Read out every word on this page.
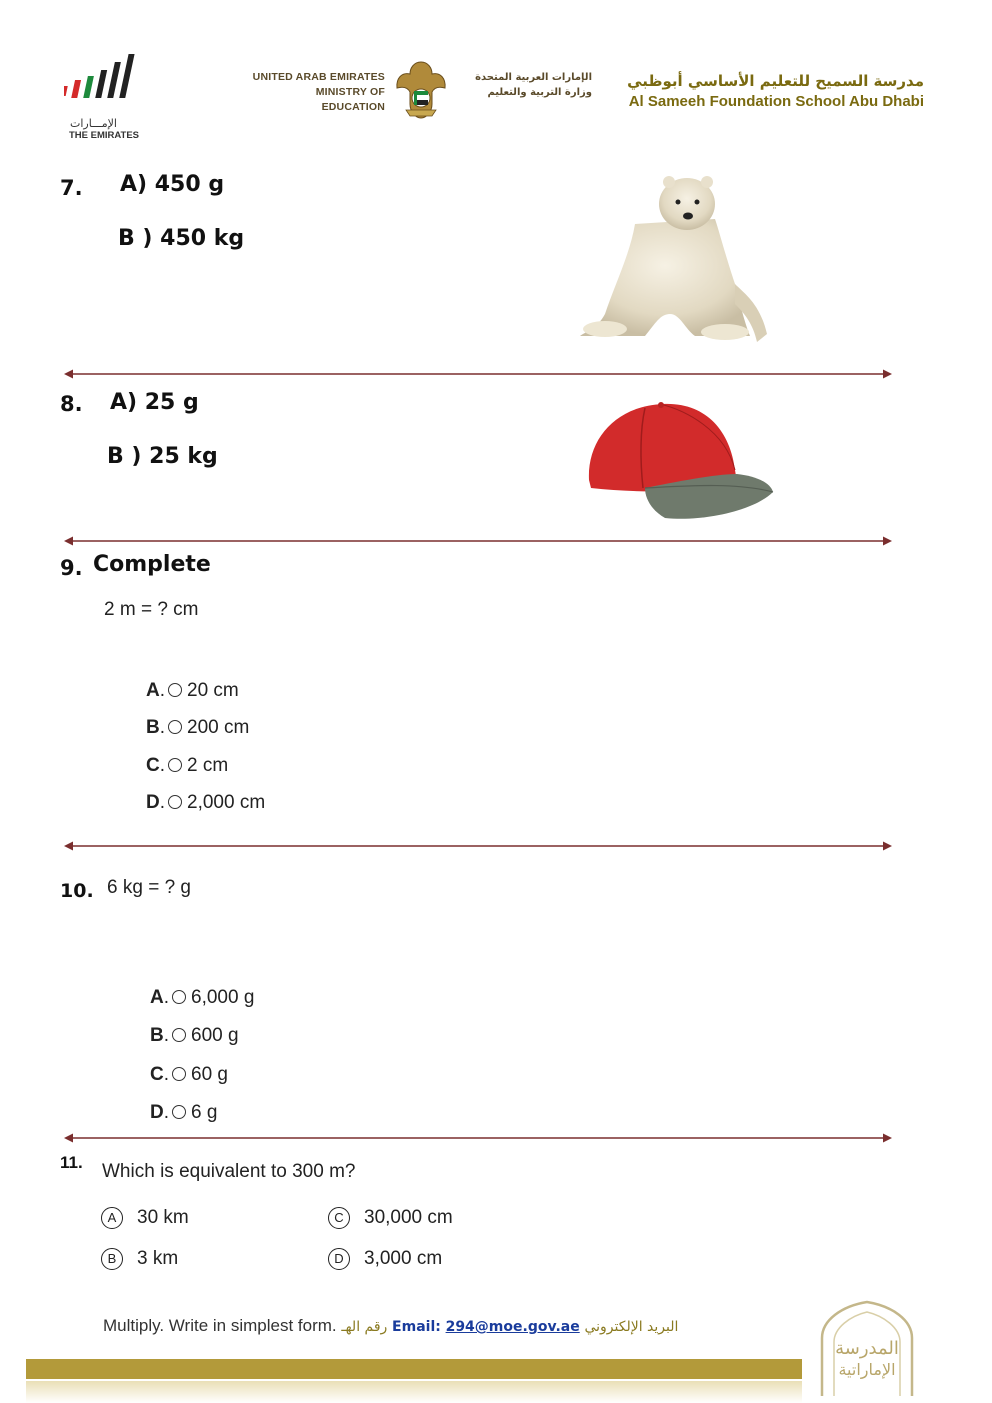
الإمـــارات
THE EMIRATES
UNITED ARAB EMIRATES
MINISTRY OF EDUCATION
الإمارات العربية المتحدة
وزارة التربية والتعليم
مدرسة السميح للتعليم الأساسي أبوظبي
Al Sameeh Foundation School Abu Dhabi
7. A) 450 g
B ) 450 kg
8. A) 25 g
B ) 25 kg
9. Complete
2 m = ? cm
A. 20 cm
B. 200 cm
C. 2 cm
D. 2,000 cm
10. 6 kg = ? g
A. 6,000 g
B. 600 g
C. 60 g
D. 6 g
11. Which is equivalent to 300 m?
A 30 km	C 30,000 cm
B 3 km	D 3,000 cm
Multiply. Write in simplest form. رقم الهـ Email: 294@moe.gov.ae البريد الإلكتروني
المدرسة
الإماراتية
